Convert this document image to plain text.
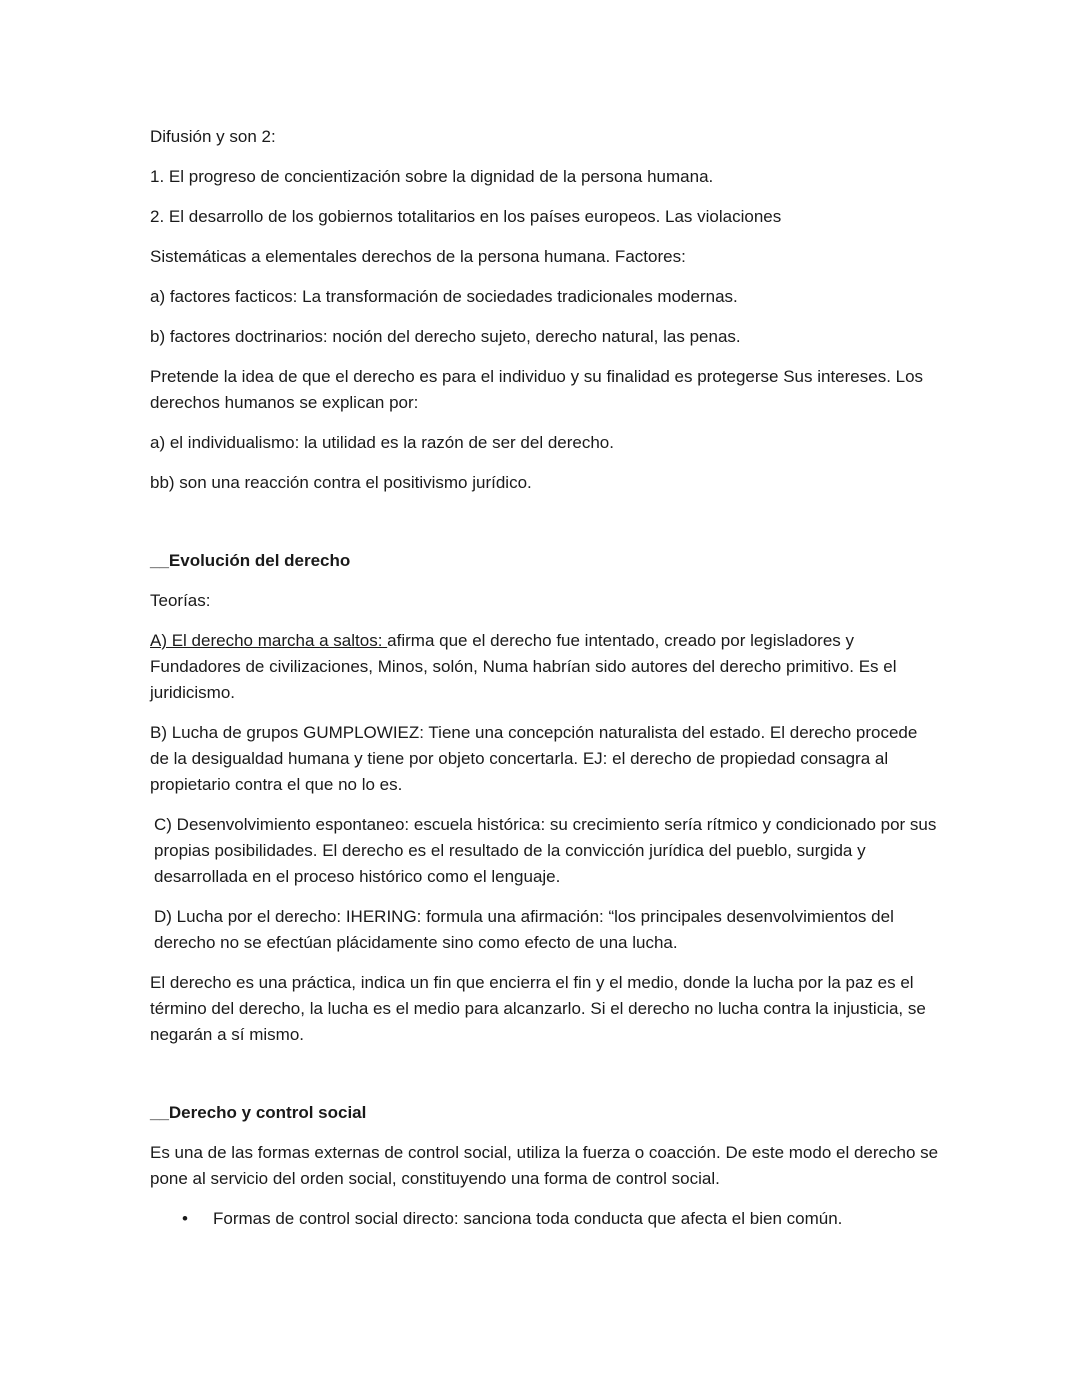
Difusión y son 2:

1. El progreso de concientización sobre la dignidad de la persona humana.

2. El desarrollo de los gobiernos totalitarios en los países europeos. Las violaciones

Sistemáticas a elementales derechos de la persona humana. Factores:

a) factores facticos: La transformación de sociedades tradicionales modernas.

b) factores doctrinarios: noción del derecho sujeto, derecho natural, las penas.

Pretende la idea de que el derecho es para el individuo y su finalidad es protegerse Sus intereses. Los derechos humanos se explican por:

a) el individualismo: la utilidad es la razón de ser del derecho.

bb) son una reacción contra el positivismo jurídico.

__Evolución del derecho

Teorías:

A) El derecho marcha a saltos: afirma que el derecho fue intentado, creado por legisladores y Fundadores de civilizaciones, Minos, solón, Numa habrían sido autores del derecho primitivo. Es el juridicismo.

B) Lucha de grupos GUMPLOWIEZ: Tiene una concepción naturalista del estado. El derecho procede de la desigualdad humana y tiene por objeto concertarla. EJ: el derecho de propiedad consagra al propietario contra el que no lo es.

C) Desenvolvimiento espontaneo: escuela histórica: su crecimiento sería rítmico y condicionado por sus propias posibilidades. El derecho es el resultado de la convicción jurídica del pueblo, surgida y desarrollada en el proceso histórico como el lenguaje.

D) Lucha por el derecho: IHERING: formula una afirmación: “los principales desenvolvimientos del derecho no se efectúan plácidamente sino como efecto de una lucha.

El derecho es una práctica, indica un fin que encierra el fin y el medio, donde la lucha por la paz es el término del derecho, la lucha es el medio para alcanzarlo. Si el derecho no lucha contra la injusticia, se negarán a sí mismo.

__Derecho y control social

Es una de las formas externas de control social, utiliza la fuerza o coacción. De este modo el derecho se pone al servicio del orden social, constituyendo una forma de control social.

• Formas de control social directo: sanciona toda conducta que afecta el bien común.
